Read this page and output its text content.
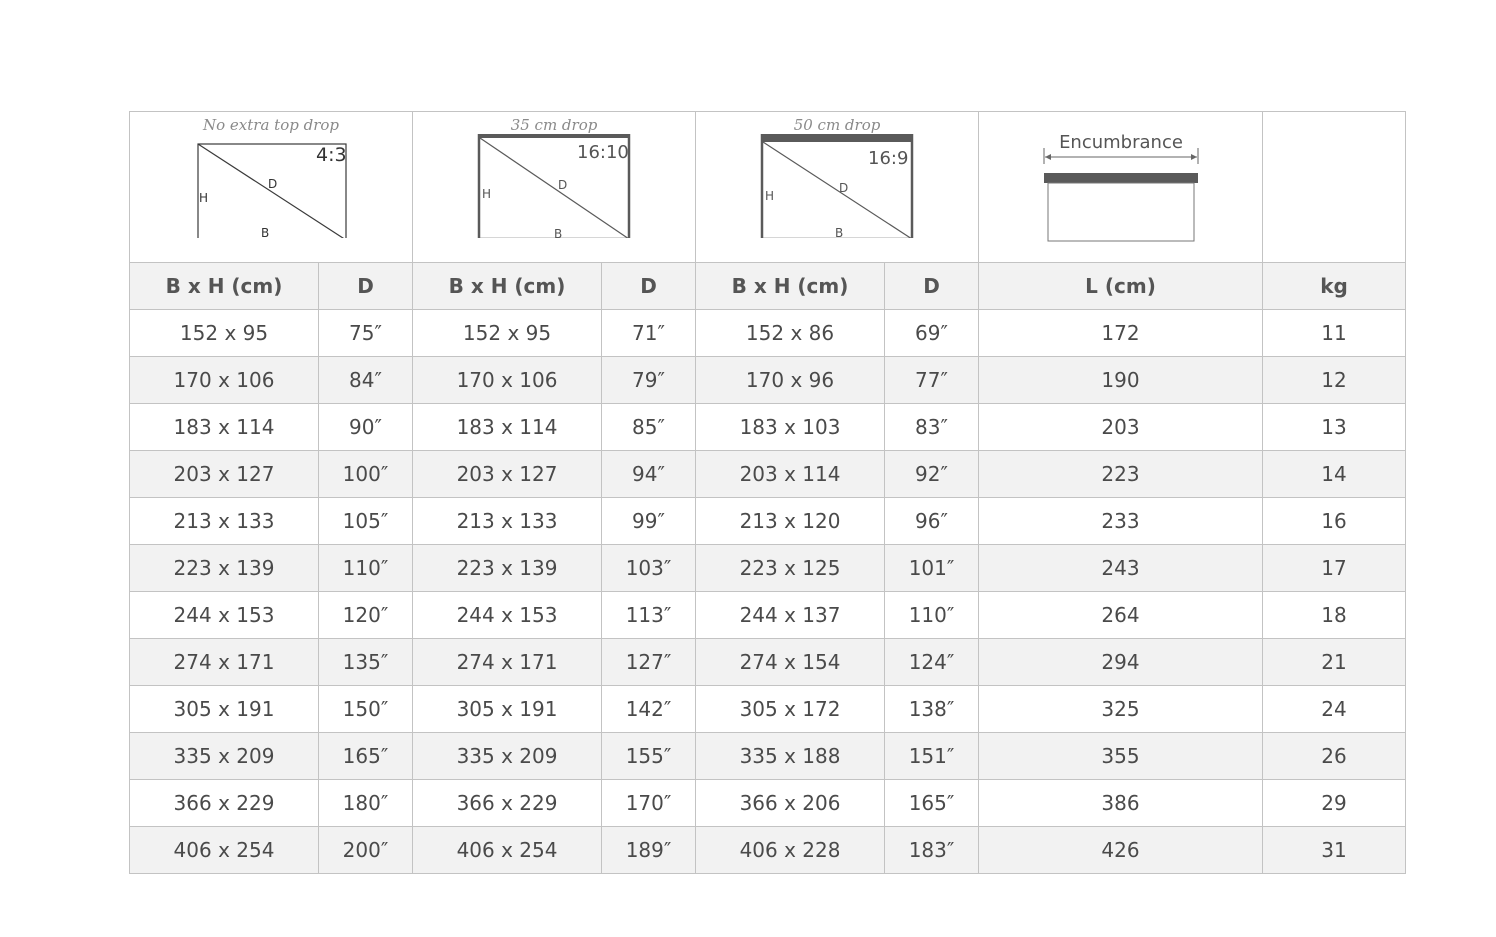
No extra top drop
4:3
H
D
B		35 cm drop
16:10
H
D
B		50 cm drop
16:9
H
D
B		Encumbrance	

B x H (cm)	D	B x H (cm)	D	B x H (cm)	D	L (cm)	kg
152 x 95	75″	152 x 95	71″	152 x 86	69″	172	11
170 x 106	84″	170 x 106	79″	170 x 96	77″	190	12
183 x 114	90″	183 x 114	85″	183 x 103	83″	203	13
203 x 127	100″	203 x 127	94″	203 x 114	92″	223	14
213 x 133	105″	213 x 133	99″	213 x 120	96″	233	16
223 x 139	110″	223 x 139	103″	223 x 125	101″	243	17
244 x 153	120″	244 x 153	113″	244 x 137	110″	264	18
274 x 171	135″	274 x 171	127″	274 x 154	124″	294	21
305 x 191	150″	305 x 191	142″	305 x 172	138″	325	24
335 x 209	165″	335 x 209	155″	335 x 188	151″	355	26
366 x 229	180″	366 x 229	170″	366 x 206	165″	386	29
406 x 254	200″	406 x 254	189″	406 x 228	183″	426	31
